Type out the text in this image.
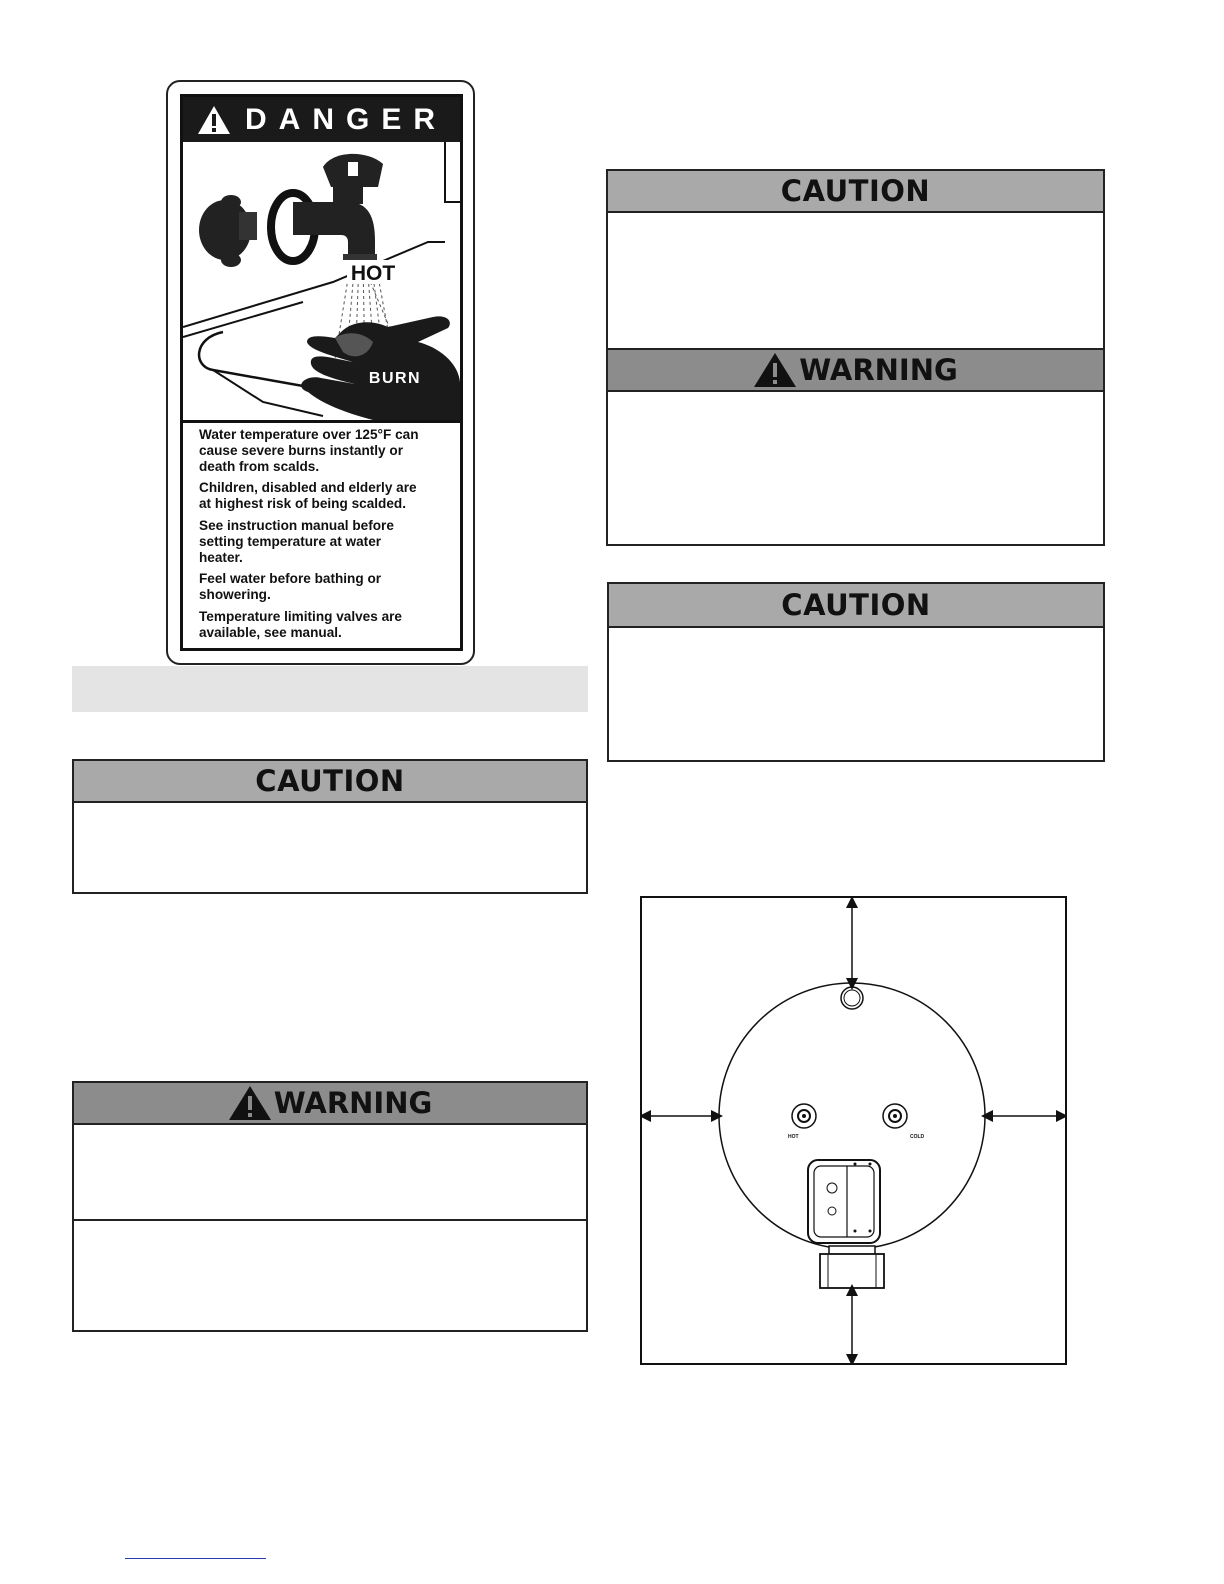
DANGER
HOT
BURN

Water temperature over 125°F can
cause severe burns instantly or
death from scalds.

Children, disabled and elderly are
at highest risk of being scalded.

See instruction manual before
setting temperature at water
heater.

Feel water before bathing or
showering.

Temperature limiting valves are
available, see manual.

CAUTION
WARNING
CAUTION
WARNING
CAUTION
HOT	COLD
